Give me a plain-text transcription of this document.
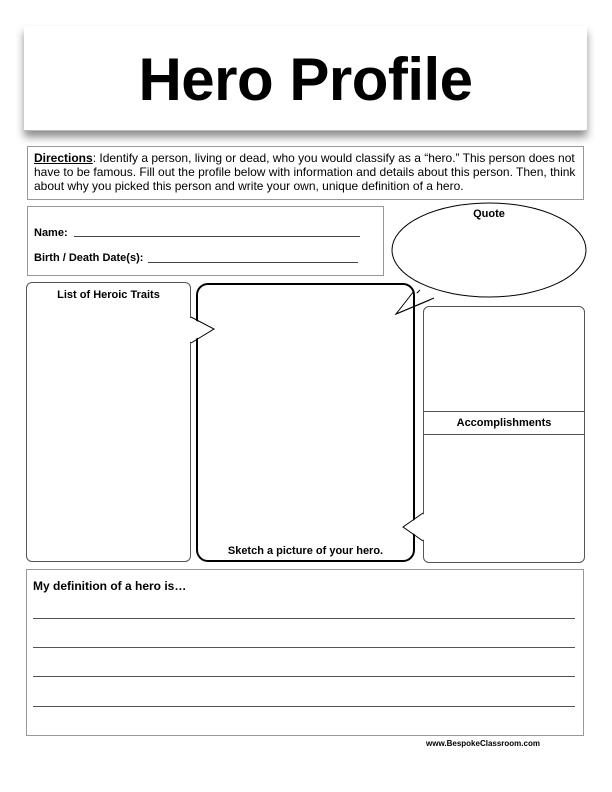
Hero Profile
Directions: Identify a person, living or dead, who you would classify as a “hero.” This person does not have to be famous. Fill out the profile below with information and details about this person. Then, think about why you picked this person and write your own, unique definition of a hero.
Name:
Birth / Death Date(s):
List of Heroic Traits
Sketch a picture of your hero.
Accomplishments
Quote
My definition of a hero is…
www.BespokeClassroom.com
